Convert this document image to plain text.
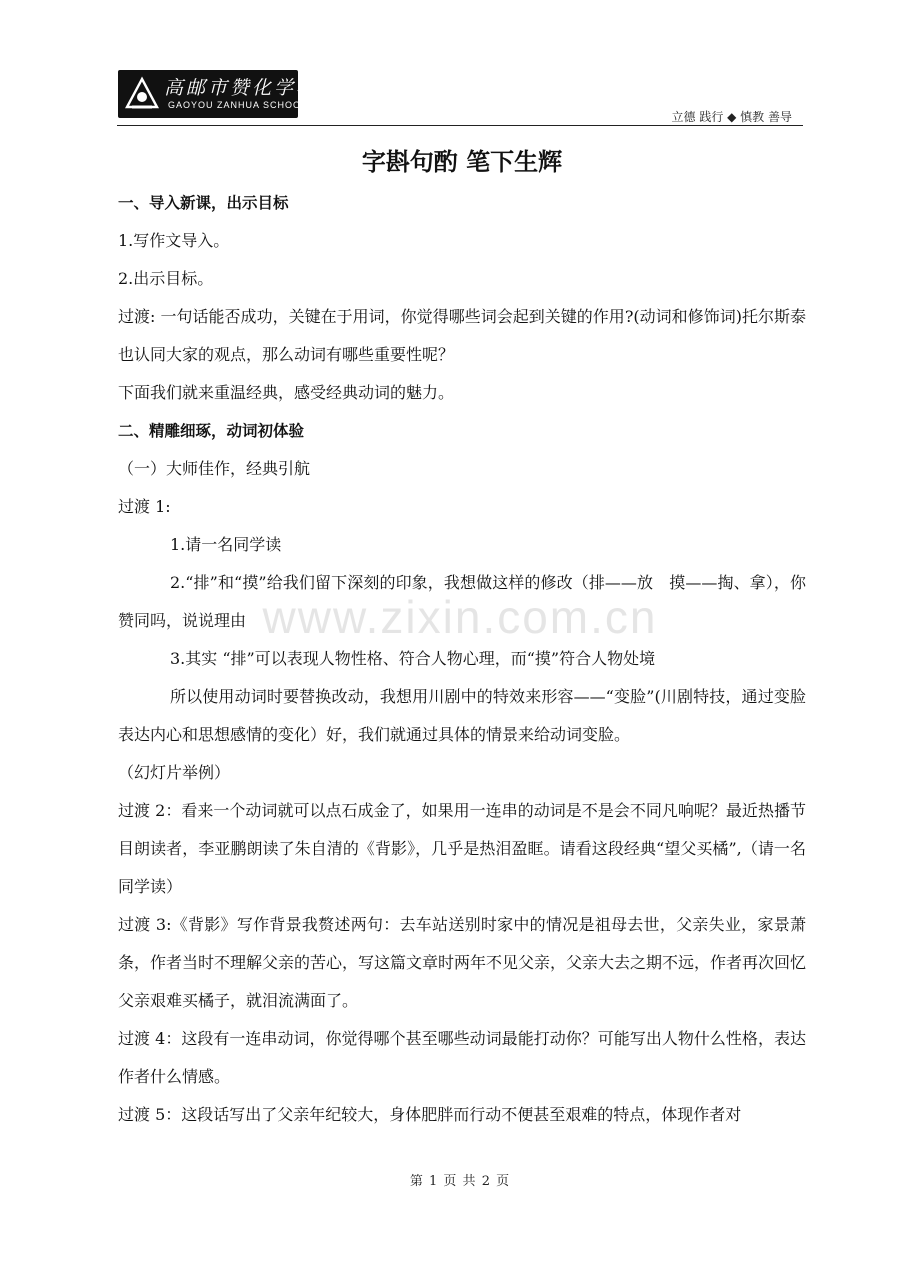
高邮市赞化学校
GAOYOU ZANHUA SCHOOL
立德 践行 ◆ 慎教 善导
www.zixin.com.cn
字斟句酌 笔下生辉

一、导入新课，出示目标

1.写作文导入。

2.出示目标。

过渡: 一句话能否成功，关键在于用词，你觉得哪些词会起到关键的作用?(动词和修饰词)托尔斯泰也认同大家的观点，那么动词有哪些重要性呢？

下面我们就来重温经典，感受经典动词的魅力。

二、精雕细琢，动词初体验

（一）大师佳作，经典引航

过渡 1:

1.请一名同学读

2.“排”和“摸”给我们留下深刻的印象，我想做这样的修改（排——放　摸——掏、拿），你赞同吗，说说理由

3.其实 “排”可以表现人物性格、符合人物心理，而“摸”符合人物处境

所以使用动词时要替换改动，我想用川剧中的特效来形容——“变脸”(川剧特技，通过变脸表达内心和思想感情的变化）好，我们就通过具体的情景来给动词变脸。

（幻灯片举例）

过渡 2：看来一个动词就可以点石成金了，如果用一连串的动词是不是会不同凡响呢？最近热播节目朗读者，李亚鹏朗读了朱自清的《背影》，几乎是热泪盈眶。请看这段经典“望父买橘”,（请一名同学读）

过渡 3:《背影》写作背景我赘述两句：去车站送别时家中的情况是祖母去世，父亲失业，家景萧条，作者当时不理解父亲的苦心，写这篇文章时两年不见父亲，父亲大去之期不远，作者再次回忆父亲艰难买橘子，就泪流满面了。

过渡 4：这段有一连串动词，你觉得哪个甚至哪些动词最能打动你？可能写出人物什么性格，表达作者什么情感。

过渡 5：这段话写出了父亲年纪较大，身体肥胖而行动不便甚至艰难的特点，体现作者对

第 1 页 共 2 页
